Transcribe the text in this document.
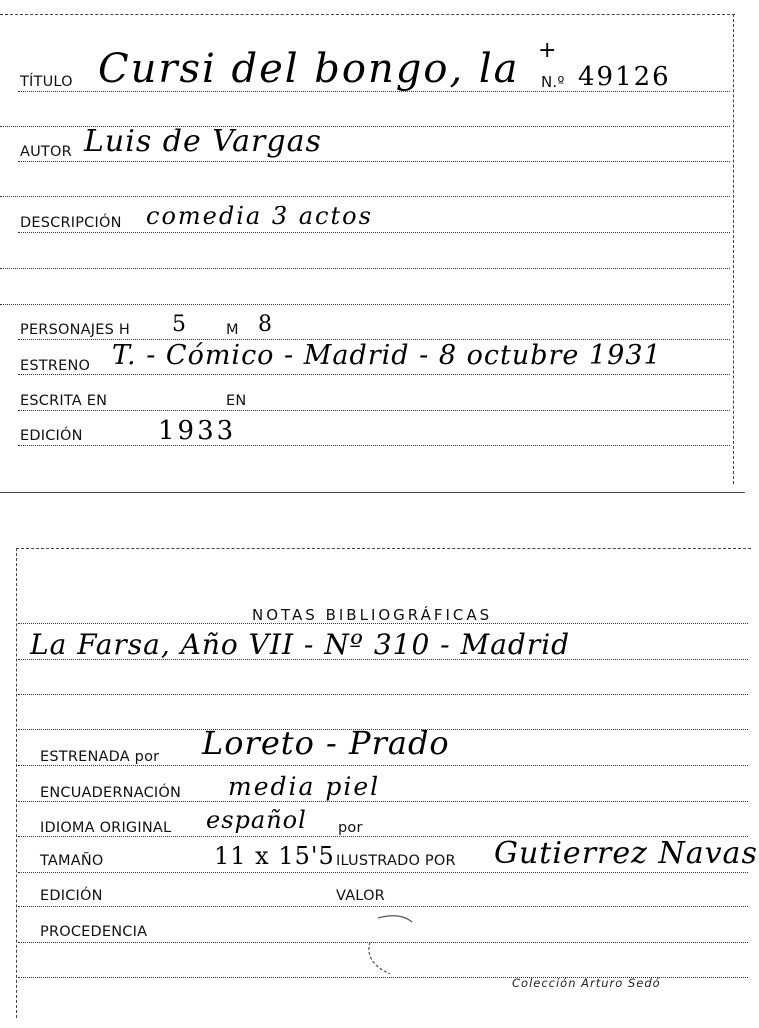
TÍTULO Cursi del bongo, la +
N.º 49126
AUTOR Luis de Vargas
DESCRIPCIÓN comedia 3 actos
PERSONAJES H 5	M 8
ESTRENO T. - Cómico - Madrid - 8 octubre 1931
ESCRITA EN	EN
EDICIÓN	1933
NOTAS BIBLIOGRÁFICAS
La Farsa, Año VII - Nº 310 - Madrid
ESTRENADA por Loreto - Prado
ENCUADERNACIÓN media piel
IDIOMA ORIGINAL español por
TAMAÑO	11 x 15'5 ILUSTRADO POR Gutierrez Navas
EDICIÓN	VALOR
PROCEDENCIA
Colección Arturo Sedó
